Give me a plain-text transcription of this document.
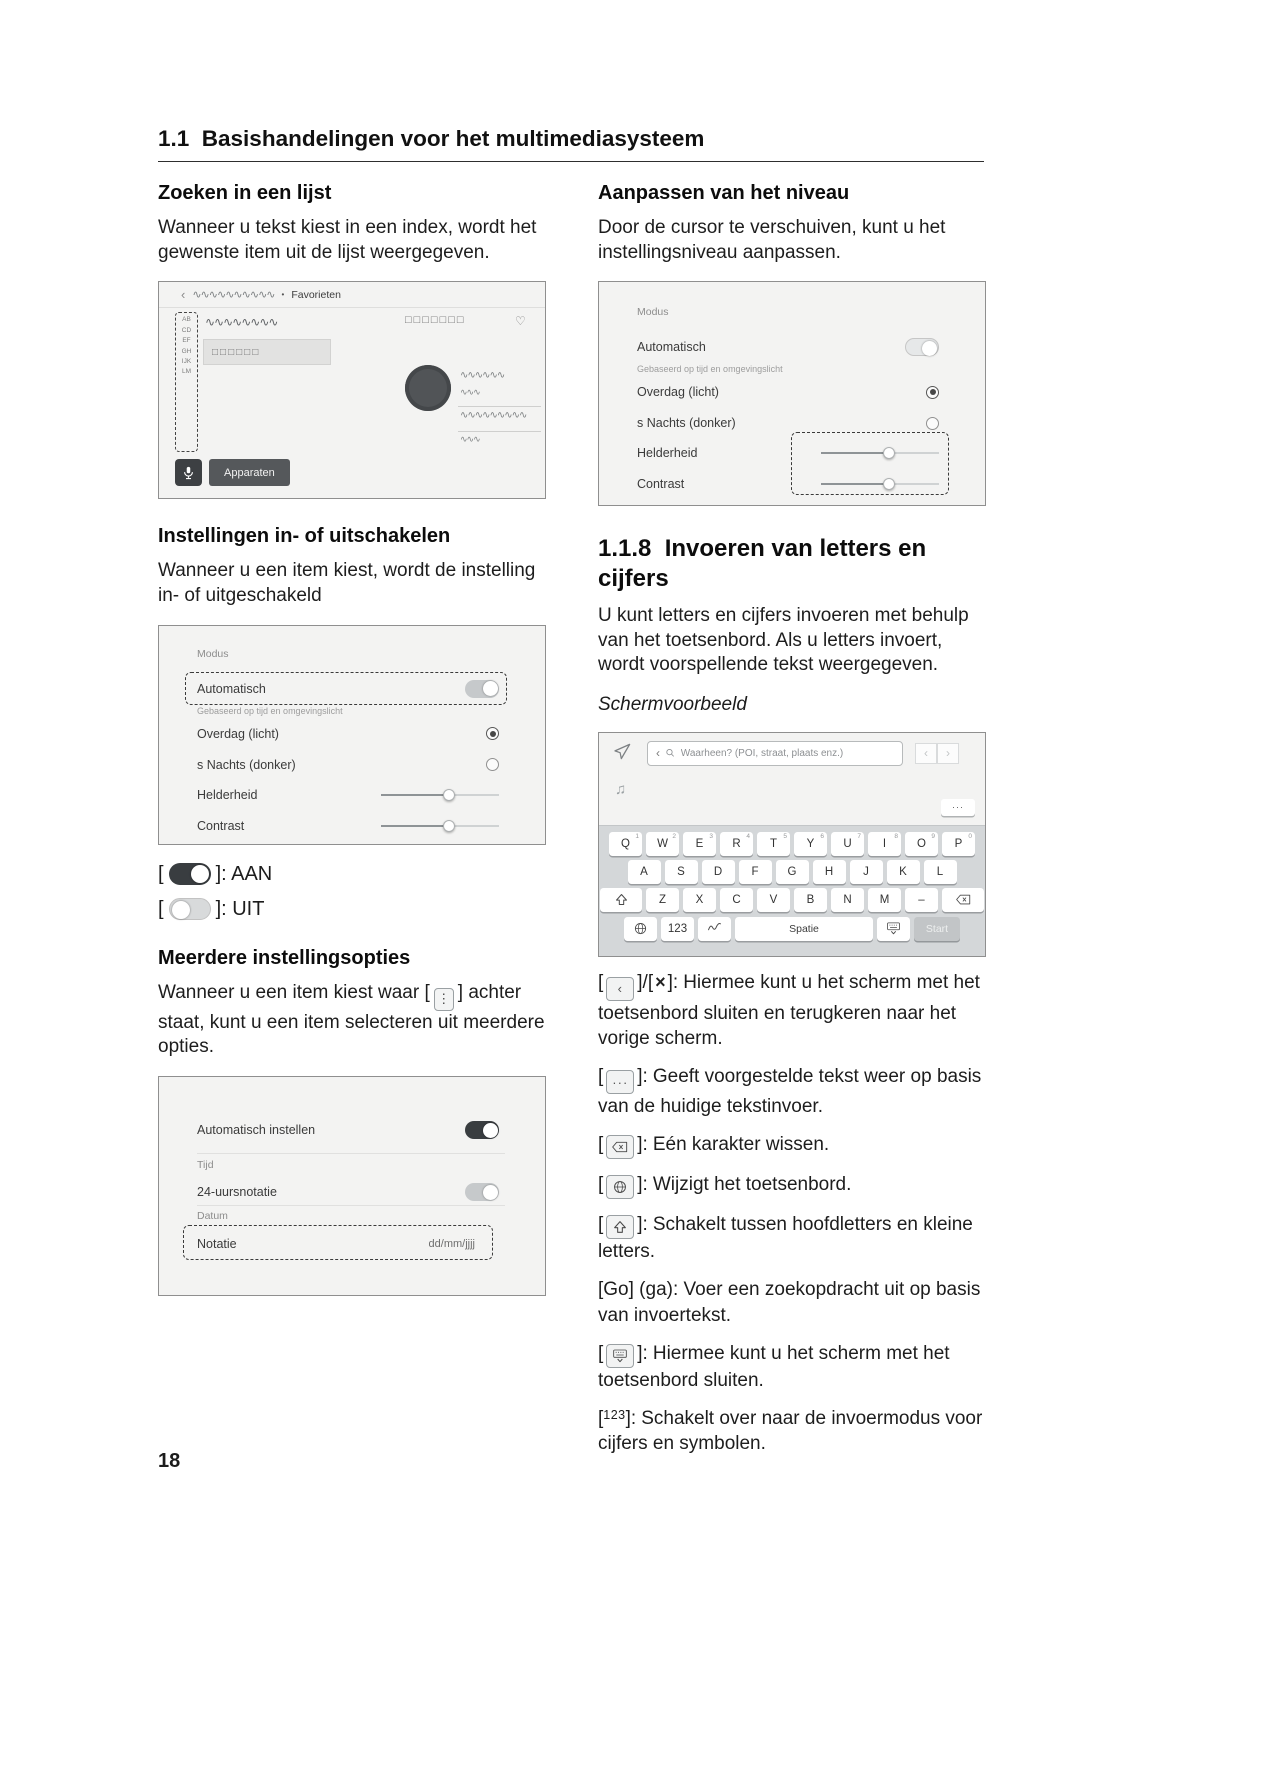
1.1  Basishandelingen voor het multimediasysteem
Zoeken in een lijst

Wanneer u tekst kiest in een index, wordt het gewenste item uit de lijst weergegeven.

‹ ∿∿∿∿∿∿∿∿∿∿ • Favorieten
ABCDEFGHIJKLM
∿∿∿∿∿∿∿∿	□□□□□□□	♡
□□□□□□
∿∿∿∿∿∿
∿∿∿
∿∿∿∿∿∿∿∿∿
∿∿∿
Apparaten
Instellingen in- of uitschakelen

Wanneer u een item kiest, wordt de instelling in- of uitgeschakeld

Modus
Automatisch
Gebaseerd op tijd en omgevingslicht
Overdag (licht)
s Nachts (donker)
Helderheid
Contrast

[	]: AAN

[	]: UIT

Meerdere instellingsopties

Wanneer u een item kiest waar [ ⋮ ] achter staat, kunt u een item selecteren uit meerdere opties.

Automatisch instellen
Tijd
24-uursnotatie
Datum
Notatie	dd/mm/jjjj
Aanpassen van het niveau

Door de cursor te verschuiven, kunt u het instellingsniveau aanpassen.

Modus
Automatisch
Gebaseerd op tijd en omgevingslicht
Overdag (licht)
s Nachts (donker)
Helderheid
Contrast
1.1.8  Invoeren van letters en cijfers

U kunt letters en cijfers invoeren met behulp van het toetsenbord. Als u letters invoert, wordt voorspellende tekst weergegeven.

Schermvoorbeeld

‹
Waarheen? (POI, straat, plaats enz.)	‹	›
♫
···
Q
1
W
2
E
3
R
4
T
5
Y
6
U
7
I
8
O
9
P
0
A	S	D	F	G H	J	K	L
Z	X	C	V	B	N M	–
123	Spatie	Start

[ ‹ ]/[ × ]: Hiermee kunt u het scherm met het toetsenbord sluiten en terugkeren naar het vorige scherm.

[ ··· ]: Geeft voorgestelde tekst weer op basis van de huidige tekstinvoer.

[ ]: Eén karakter wissen.

[ ]: Wijzigt het toetsenbord.

[ ]: Schakelt tussen hoofdletters en kleine letters.

[Go] (ga): Voer een zoekopdracht uit op basis van invoertekst.

[ ]: Hiermee kunt u het scherm met het toetsenbord sluiten.

[$^{123}$]: Schakelt over naar de invoermodus voor cijfers en symbolen.

18
